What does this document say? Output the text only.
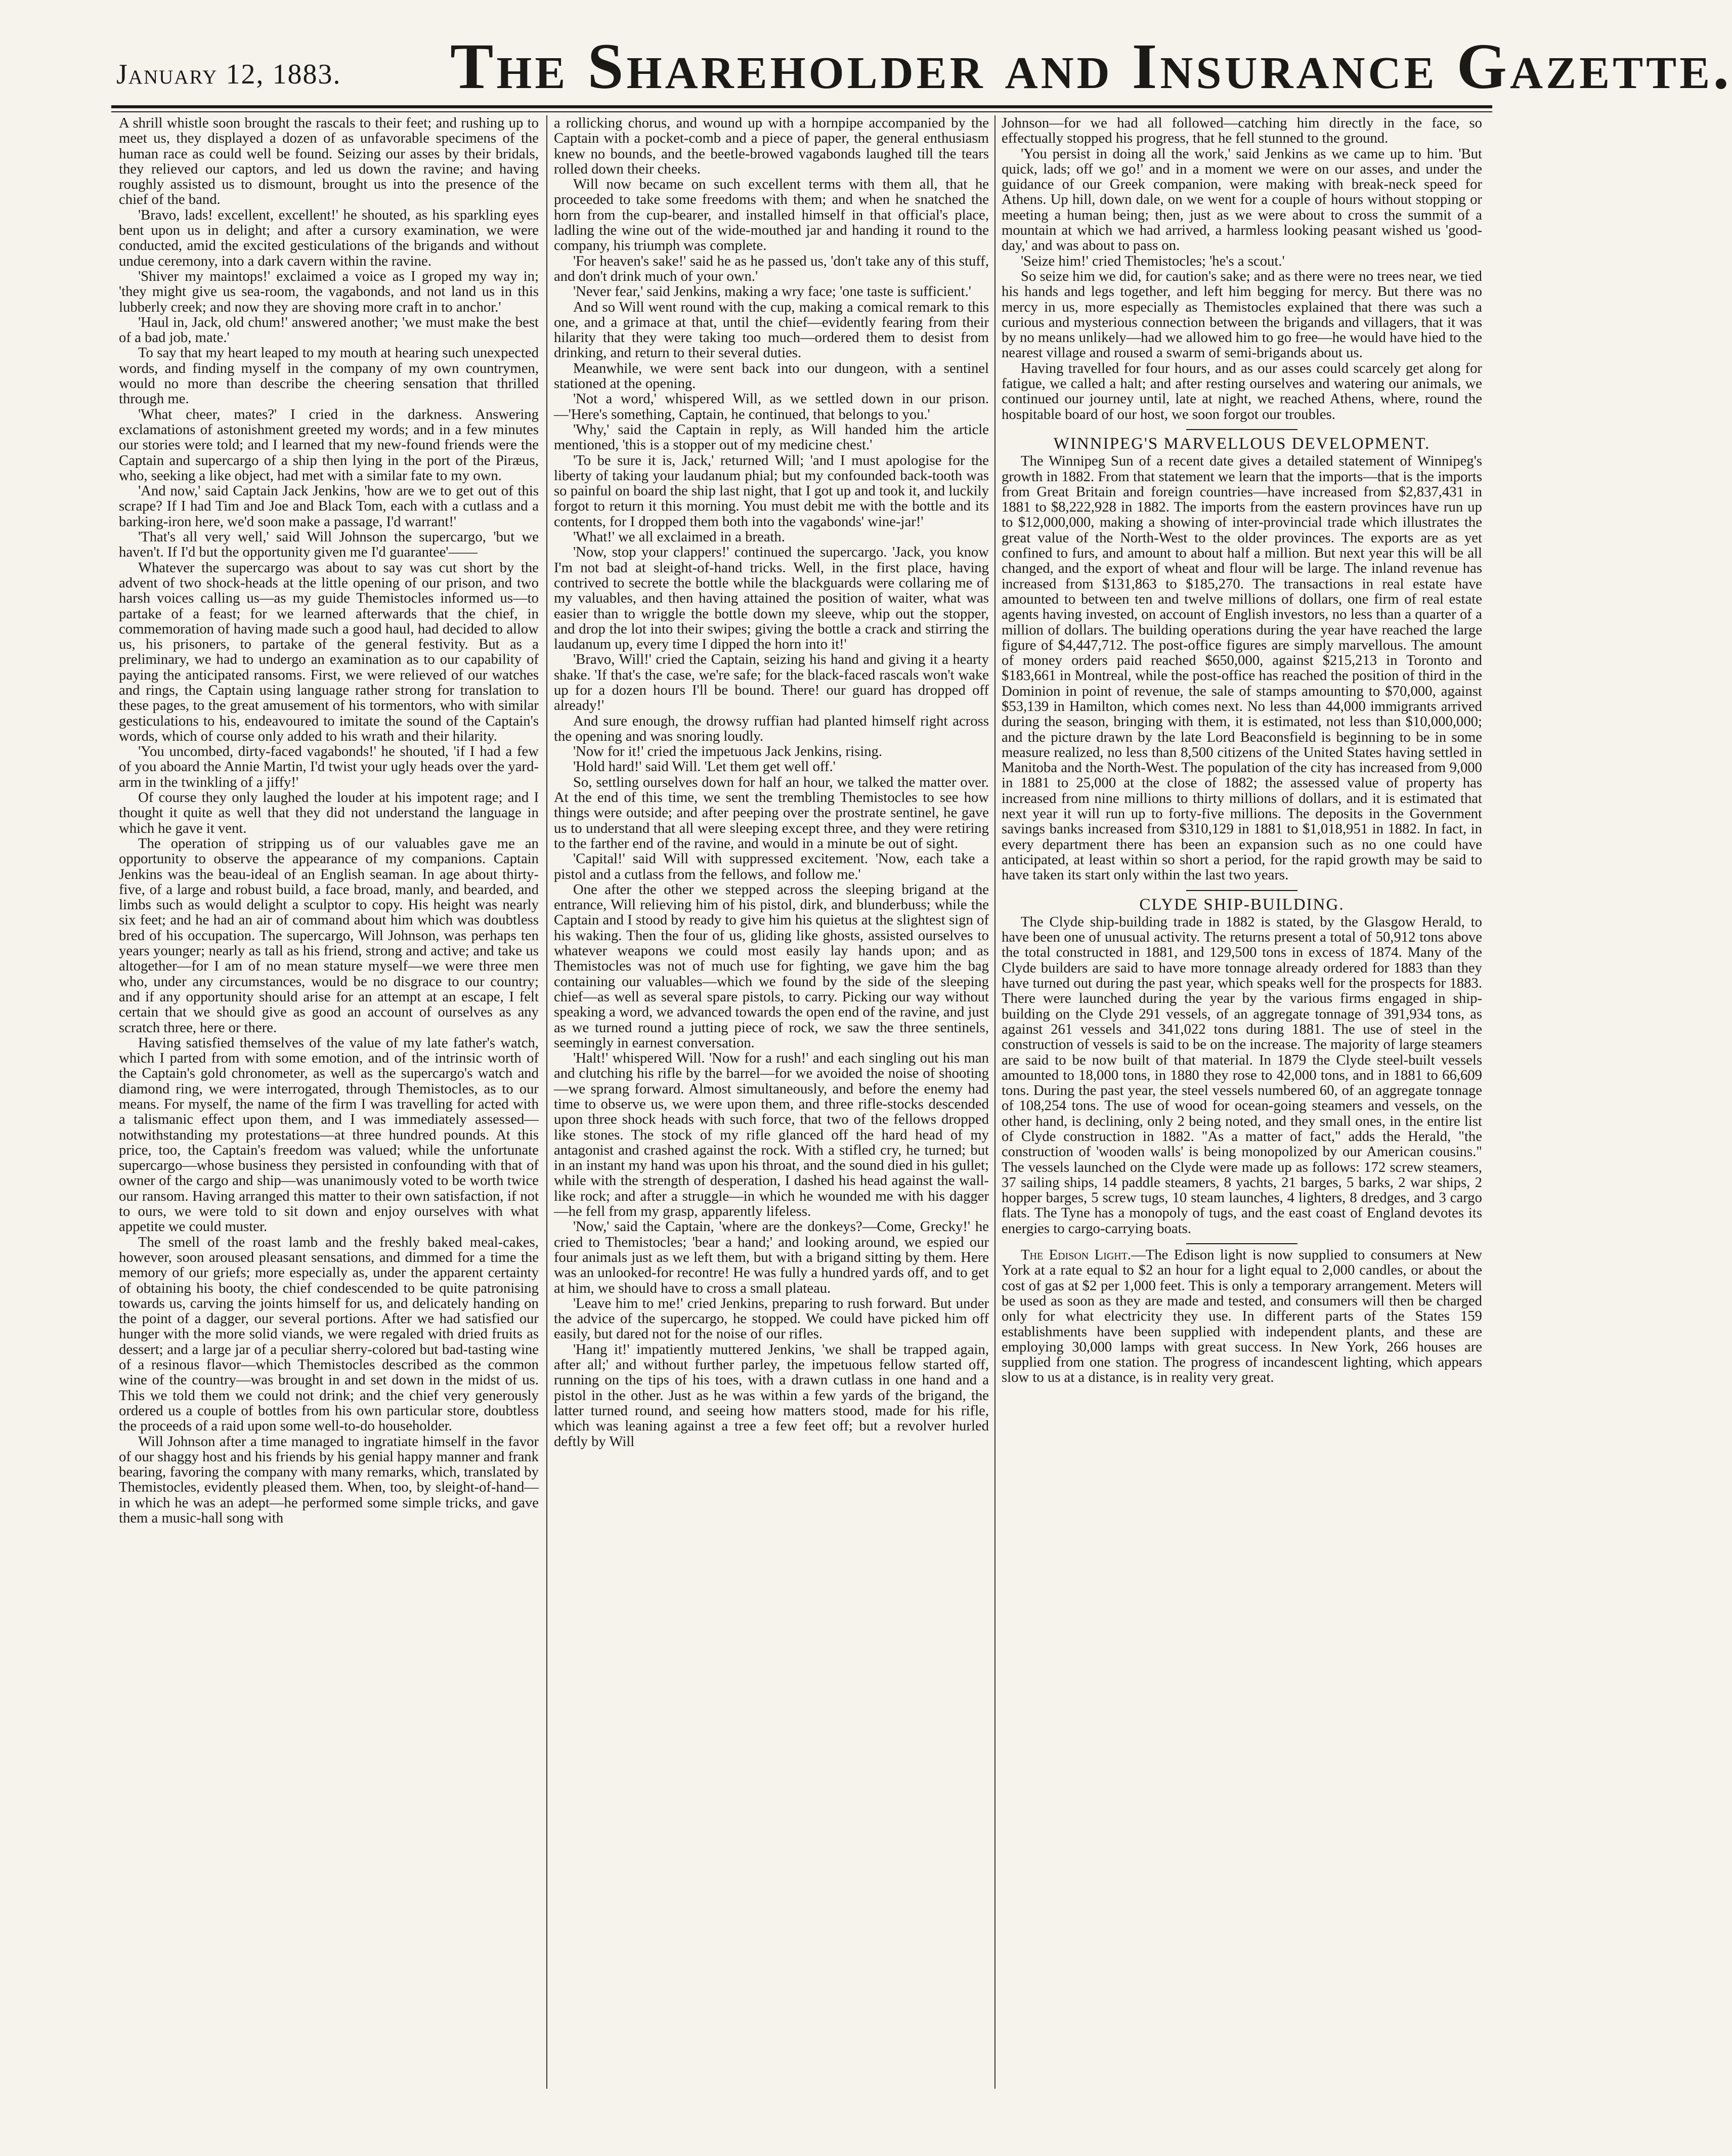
January 12, 1883. The Shareholder and Insurance Gazette.

A shrill whistle soon brought the rascals to their feet; and rushing up to meet us, they displayed a dozen of as unfavorable specimens of the human race as could well be found. Seizing our asses by their bridals, they relieved our captors, and led us down the ravine; and having roughly assisted us to dismount, brought us into the presence of the chief of the band.

'Bravo, lads! excellent, excellent!' he shouted, as his sparkling eyes bent upon us in delight; and after a cursory examination, we were conducted, amid the excited gesticulations of the brigands and without undue ceremony, into a dark cavern within the ravine.

'Shiver my maintops!' exclaimed a voice as I groped my way in; 'they might give us sea-room, the vagabonds, and not land us in this lubberly creek; and now they are shoving more craft in to anchor.'

'Haul in, Jack, old chum!' answered another; 'we must make the best of a bad job, mate.'

To say that my heart leaped to my mouth at hearing such unexpected words, and finding myself in the company of my own countrymen, would no more than describe the cheering sensation that thrilled through me.

'What cheer, mates?' I cried in the darkness. Answering exclamations of astonishment greeted my words; and in a few minutes our stories were told; and I learned that my new-found friends were the Captain and supercargo of a ship then lying in the port of the Piræus, who, seeking a like object, had met with a similar fate to my own.

'And now,' said Captain Jack Jenkins, 'how are we to get out of this scrape? If I had Tim and Joe and Black Tom, each with a cutlass and a barking-iron here, we'd soon make a passage, I'd warrant!'

'That's all very well,' said Will Johnson the supercargo, 'but we haven't. If I'd but the opportunity given me I'd guarantee'——

Whatever the supercargo was about to say was cut short by the advent of two shock-heads at the little opening of our prison, and two harsh voices calling us—as my guide Themistocles informed us—to partake of a feast; for we learned afterwards that the chief, in commemoration of having made such a good haul, had decided to allow us, his prisoners, to partake of the general festivity. But as a preliminary, we had to undergo an examination as to our capability of paying the anticipated ransoms. First, we were relieved of our watches and rings, the Captain using language rather strong for translation to these pages, to the great amusement of his tormentors, who with similar gesticulations to his, endeavoured to imitate the sound of the Captain's words, which of course only added to his wrath and their hilarity.

'You uncombed, dirty-faced vagabonds!' he shouted, 'if I had a few of you aboard the Annie Martin, I'd twist your ugly heads over the yard-arm in the twinkling of a jiffy!'

Of course they only laughed the louder at his impotent rage; and I thought it quite as well that they did not understand the language in which he gave it vent.

The operation of stripping us of our valuables gave me an opportunity to observe the appearance of my companions. Captain Jenkins was the beau-ideal of an English seaman. In age about thirty-five, of a large and robust build, a face broad, manly, and bearded, and limbs such as would delight a sculptor to copy. His height was nearly six feet; and he had an air of command about him which was doubtless bred of his occupation. The supercargo, Will Johnson, was perhaps ten years younger; nearly as tall as his friend, strong and active; and take us altogether—for I am of no mean stature myself—we were three men who, under any circumstances, would be no disgrace to our country; and if any opportunity should arise for an attempt at an escape, I felt certain that we should give as good an account of ourselves as any scratch three, here or there.

Having satisfied themselves of the value of my late father's watch, which I parted from with some emotion, and of the intrinsic worth of the Captain's gold chronometer, as well as the supercargo's watch and diamond ring, we were interrogated, through Themistocles, as to our means. For myself, the name of the firm I was travelling for acted with a talismanic effect upon them, and I was immediately assessed—notwithstanding my protestations—at three hundred pounds. At this price, too, the Captain's freedom was valued; while the unfortunate supercargo—whose business they persisted in confounding with that of owner of the cargo and ship—was unanimously voted to be worth twice our ransom. Having arranged this matter to their own satisfaction, if not to ours, we were told to sit down and enjoy ourselves with what appetite we could muster.

The smell of the roast lamb and the freshly baked meal-cakes, however, soon aroused pleasant sensations, and dimmed for a time the memory of our griefs; more especially as, under the apparent certainty of obtaining his booty, the chief condescended to be quite patronising towards us, carving the joints himself for us, and delicately handing on the point of a dagger, our several portions. After we had satisfied our hunger with the more solid viands, we were regaled with dried fruits as dessert; and a large jar of a peculiar sherry-colored but bad-tasting wine of a resinous flavor—which Themistocles described as the common wine of the country—was brought in and set down in the midst of us. This we told them we could not drink; and the chief very generously ordered us a couple of bottles from his own particular store, doubtless the proceeds of a raid upon some well-to-do householder.

Will Johnson after a time managed to ingratiate himself in the favor of our shaggy host and his friends by his genial happy manner and frank bearing, favoring the company with many remarks, which, translated by Themistocles, evidently pleased them. When, too, by sleight-of-hand—in which he was an adept—he performed some simple tricks, and gave them a music-hall song with

a rollicking chorus, and wound up with a hornpipe accompanied by the Captain with a pocket-comb and a piece of paper, the general enthusiasm knew no bounds, and the beetle-browed vagabonds laughed till the tears rolled down their cheeks.

Will now became on such excellent terms with them all, that he proceeded to take some freedoms with them; and when he snatched the horn from the cup-bearer, and installed himself in that official's place, ladling the wine out of the wide-mouthed jar and handing it round to the company, his triumph was complete.

'For heaven's sake!' said he as he passed us, 'don't take any of this stuff, and don't drink much of your own.'

'Never fear,' said Jenkins, making a wry face; 'one taste is sufficient.'

And so Will went round with the cup, making a comical remark to this one, and a grimace at that, until the chief—evidently fearing from their hilarity that they were taking too much—ordered them to desist from drinking, and return to their several duties.

Meanwhile, we were sent back into our dungeon, with a sentinel stationed at the opening.

'Not a word,' whispered Will, as we settled down in our prison.—'Here's something, Captain, he continued, that belongs to you.'

'Why,' said the Captain in reply, as Will handed him the article mentioned, 'this is a stopper out of my medicine chest.'

'To be sure it is, Jack,' returned Will; 'and I must apologise for the liberty of taking your laudanum phial; but my confounded back-tooth was so painful on board the ship last night, that I got up and took it, and luckily forgot to return it this morning. You must debit me with the bottle and its contents, for I dropped them both into the vagabonds' wine-jar!'

'What!' we all exclaimed in a breath.

'Now, stop your clappers!' continued the supercargo. 'Jack, you know I'm not bad at sleight-of-hand tricks. Well, in the first place, having contrived to secrete the bottle while the blackguards were collaring me of my valuables, and then having attained the position of waiter, what was easier than to wriggle the bottle down my sleeve, whip out the stopper, and drop the lot into their swipes; giving the bottle a crack and stirring the laudanum up, every time I dipped the horn into it!'

'Bravo, Will!' cried the Captain, seizing his hand and giving it a hearty shake. 'If that's the case, we're safe; for the black-faced rascals won't wake up for a dozen hours I'll be bound. There! our guard has dropped off already!'

And sure enough, the drowsy ruffian had planted himself right across the opening and was snoring loudly.

'Now for it!' cried the impetuous Jack Jenkins, rising.

'Hold hard!' said Will. 'Let them get well off.'

So, settling ourselves down for half an hour, we talked the matter over. At the end of this time, we sent the trembling Themistocles to see how things were outside; and after peeping over the prostrate sentinel, he gave us to understand that all were sleeping except three, and they were retiring to the farther end of the ravine, and would in a minute be out of sight.

'Capital!' said Will with suppressed excitement. 'Now, each take a pistol and a cutlass from the fellows, and follow me.'

One after the other we stepped across the sleeping brigand at the entrance, Will relieving him of his pistol, dirk, and blunderbuss; while the Captain and I stood by ready to give him his quietus at the slightest sign of his waking. Then the four of us, gliding like ghosts, assisted ourselves to whatever weapons we could most easily lay hands upon; and as Themistocles was not of much use for fighting, we gave him the bag containing our valuables—which we found by the side of the sleeping chief—as well as several spare pistols, to carry. Picking our way without speaking a word, we advanced towards the open end of the ravine, and just as we turned round a jutting piece of rock, we saw the three sentinels, seemingly in earnest conversation.

'Halt!' whispered Will. 'Now for a rush!' and each singling out his man and clutching his rifle by the barrel—for we avoided the noise of shooting—we sprang forward. Almost simultaneously, and before the enemy had time to observe us, we were upon them, and three rifle-stocks descended upon three shock heads with such force, that two of the fellows dropped like stones. The stock of my rifle glanced off the hard head of my antagonist and crashed against the rock. With a stifled cry, he turned; but in an instant my hand was upon his throat, and the sound died in his gullet; while with the strength of desperation, I dashed his head against the wall-like rock; and after a struggle—in which he wounded me with his dagger—he fell from my grasp, apparently lifeless.

'Now,' said the Captain, 'where are the donkeys?—Come, Grecky!' he cried to Themistocles; 'bear a hand;' and looking around, we espied our four animals just as we left them, but with a brigand sitting by them. Here was an unlooked-for recontre! He was fully a hundred yards off, and to get at him, we should have to cross a small plateau.

'Leave him to me!' cried Jenkins, preparing to rush forward. But under the advice of the supercargo, he stopped. We could have picked him off easily, but dared not for the noise of our rifles.

'Hang it!' impatiently muttered Jenkins, 'we shall be trapped again, after all;' and without further parley, the impetuous fellow started off, running on the tips of his toes, with a drawn cutlass in one hand and a pistol in the other. Just as he was within a few yards of the brigand, the latter turned round, and seeing how matters stood, made for his rifle, which was leaning against a tree a few feet off; but a revolver hurled deftly by Will

Johnson—for we had all followed—catching him directly in the face, so effectually stopped his progress, that he fell stunned to the ground.

'You persist in doing all the work,' said Jenkins as we came up to him. 'But quick, lads; off we go!' and in a moment we were on our asses, and under the guidance of our Greek companion, were making with break-neck speed for Athens. Up hill, down dale, on we went for a couple of hours without stopping or meeting a human being; then, just as we were about to cross the summit of a mountain at which we had arrived, a harmless looking peasant wished us 'good-day,' and was about to pass on.

'Seize him!' cried Themistocles; 'he's a scout.'

So seize him we did, for caution's sake; and as there were no trees near, we tied his hands and legs together, and left him begging for mercy. But there was no mercy in us, more especially as Themistocles explained that there was such a curious and mysterious connection between the brigands and villagers, that it was by no means unlikely—had we allowed him to go free—he would have hied to the nearest village and roused a swarm of semi-brigands about us.

Having travelled for four hours, and as our asses could scarcely get along for fatigue, we called a halt; and after resting ourselves and watering our animals, we continued our journey until, late at night, we reached Athens, where, round the hospitable board of our host, we soon forgot our troubles.

WINNIPEG'S MARVELLOUS DEVELOPMENT.

The Winnipeg Sun of a recent date gives a detailed statement of Winnipeg's growth in 1882. From that statement we learn that the imports—that is the imports from Great Britain and foreign countries—have increased from $2,837,431 in 1881 to $8,222,928 in 1882. The imports from the eastern provinces have run up to $12,000,000, making a showing of inter-provincial trade which illustrates the great value of the North-West to the older provinces. The exports are as yet confined to furs, and amount to about half a million. But next year this will be all changed, and the export of wheat and flour will be large. The inland revenue has increased from $131,863 to $185,270. The transactions in real estate have amounted to between ten and twelve millions of dollars, one firm of real estate agents having invested, on account of English investors, no less than a quarter of a million of dollars. The building operations during the year have reached the large figure of $4,447,712. The post-office figures are simply marvellous. The amount of money orders paid reached $650,000, against $215,213 in Toronto and $183,661 in Montreal, while the post-office has reached the position of third in the Dominion in point of revenue, the sale of stamps amounting to $70,000, against $53,139 in Hamilton, which comes next. No less than 44,000 immigrants arrived during the season, bringing with them, it is estimated, not less than $10,000,000; and the picture drawn by the late Lord Beaconsfield is beginning to be in some measure realized, no less than 8,500 citizens of the United States having settled in Manitoba and the North-West. The population of the city has increased from 9,000 in 1881 to 25,000 at the close of 1882; the assessed value of property has increased from nine millions to thirty millions of dollars, and it is estimated that next year it will run up to forty-five millions. The deposits in the Government savings banks increased from $310,129 in 1881 to $1,018,951 in 1882. In fact, in every department there has been an expansion such as no one could have anticipated, at least within so short a period, for the rapid growth may be said to have taken its start only within the last two years.

CLYDE SHIP-BUILDING.

The Clyde ship-building trade in 1882 is stated, by the Glasgow Herald, to have been one of unusual activity. The returns present a total of 50,912 tons above the total constructed in 1881, and 129,500 tons in excess of 1874. Many of the Clyde builders are said to have more tonnage already ordered for 1883 than they have turned out during the past year, which speaks well for the prospects for 1883. There were launched during the year by the various firms engaged in ship-building on the Clyde 291 vessels, of an aggregate tonnage of 391,934 tons, as against 261 vessels and 341,022 tons during 1881. The use of steel in the construction of vessels is said to be on the increase. The majority of large steamers are said to be now built of that material. In 1879 the Clyde steel-built vessels amounted to 18,000 tons, in 1880 they rose to 42,000 tons, and in 1881 to 66,609 tons. During the past year, the steel vessels numbered 60, of an aggregate tonnage of 108,254 tons. The use of wood for ocean-going steamers and vessels, on the other hand, is declining, only 2 being noted, and they small ones, in the entire list of Clyde construction in 1882. "As a matter of fact," adds the Herald, "the construction of 'wooden walls' is being monopolized by our American cousins." The vessels launched on the Clyde were made up as follows: 172 screw steamers, 37 sailing ships, 14 paddle steamers, 8 yachts, 21 barges, 5 barks, 2 war ships, 2 hopper barges, 5 screw tugs, 10 steam launches, 4 lighters, 8 dredges, and 3 cargo flats. The Tyne has a monopoly of tugs, and the east coast of England devotes its energies to cargo-carrying boats.

The Edison Light.—The Edison light is now supplied to consumers at New York at a rate equal to $2 an hour for a light equal to 2,000 candles, or about the cost of gas at $2 per 1,000 feet. This is only a temporary arrangement. Meters will be used as soon as they are made and tested, and consumers will then be charged only for what electricity they use. In different parts of the States 159 establishments have been supplied with independent plants, and these are employing 30,000 lamps with great success. In New York, 266 houses are supplied from one station. The progress of incandescent lighting, which appears slow to us at a distance, is in reality very great.
